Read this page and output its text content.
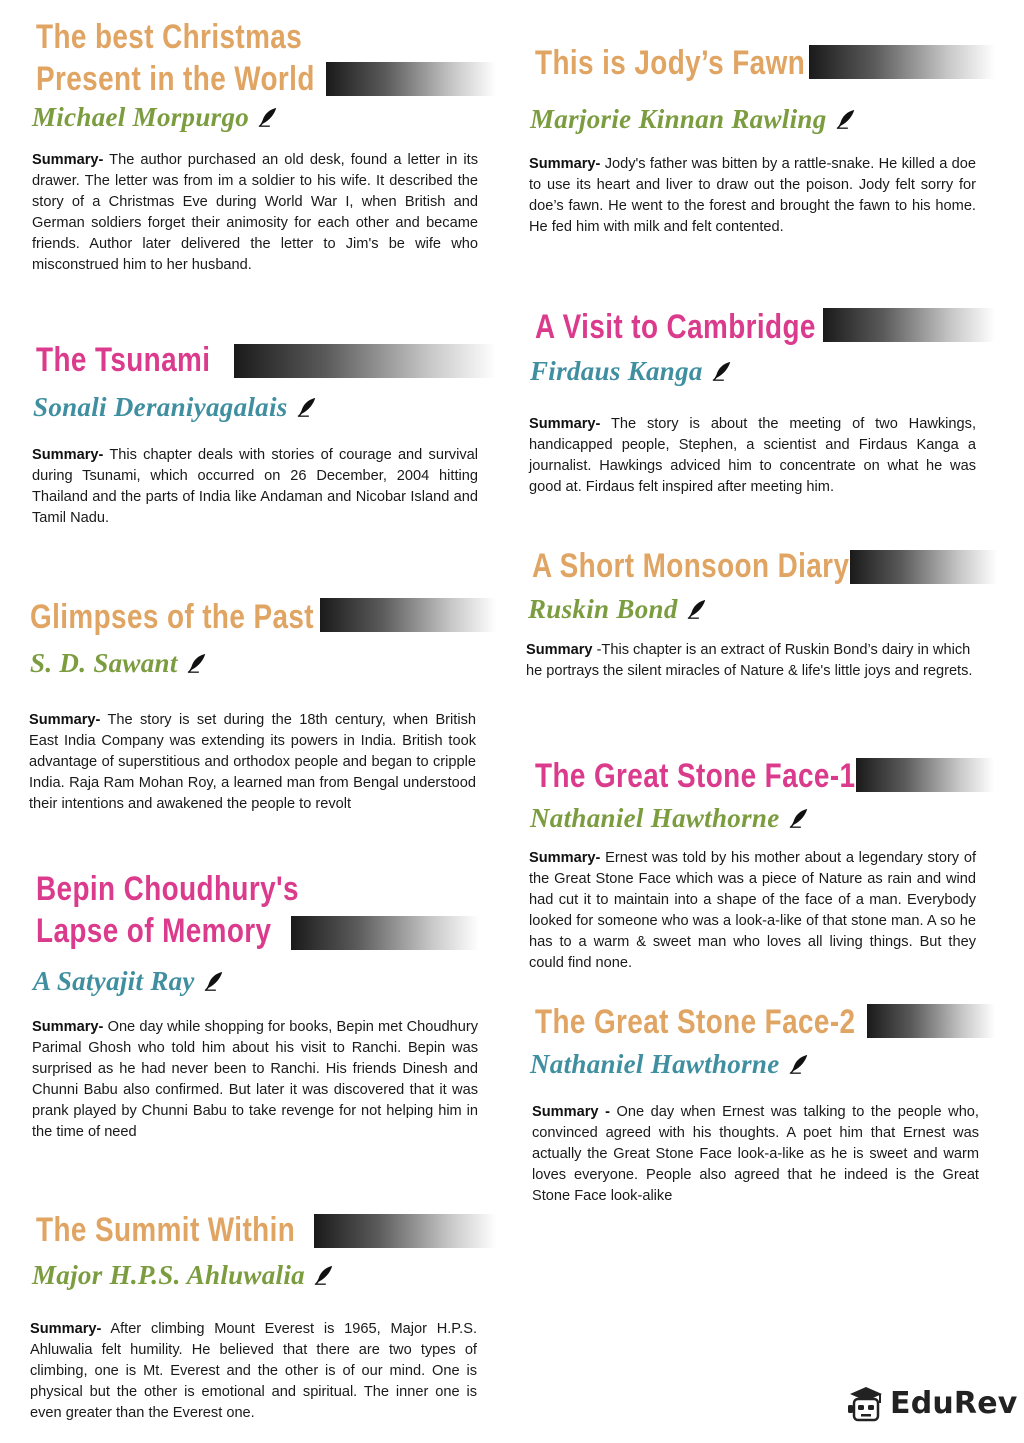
The best Christmas
Present in the World
Michael Morpurgo

Summary- The author purchased an old desk, found a letter in its drawer. The letter was from im a soldier to his wife. It described the story of a Christmas Eve during World War I, when British and German soldiers forget their animosity for each other and became friends. Author later delivered the letter to Jim's be wife who misconstrued him to her husband.

This is Jody’s Fawn
Marjorie Kinnan Rawling

Summary- Jody's father was bitten by a rattle-snake. He killed a doe to use its heart and liver to draw out the poison. Jody felt sorry for doe’s fawn. He went to the forest and brought the fawn to his home. He fed him with milk and felt contented.

A Visit to Cambridge
Firdaus Kanga

Summary- The story is about the meeting of two Hawkings, handicapped people, Stephen, a scientist and Firdaus Kanga a journalist. Hawkings adviced him to concentrate on what he was good at. Firdaus felt inspired after meeting him.

The Tsunami
Sonali Deraniyagalais

Summary- This chapter deals with stories of courage and survival during Tsunami, which occurred on 26 December, 2004 hitting Thailand and the parts of India like Andaman and Nicobar Island and Tamil Nadu.

A Short Monsoon Diary
Ruskin Bond

Summary -This chapter is an extract of Ruskin Bond’s dairy in which he portrays the silent miracles of Nature & life's little joys and regrets.

Glimpses of the Past
S. D. Sawant

Summary- The story is set during the 18th century, when British East India Company was extending its powers in India. British took advantage of superstitious and orthodox people and began to cripple India. Raja Ram Mohan Roy, a learned man from Bengal understood their intentions and awakened the people to revolt

The Great Stone Face-1
Nathaniel Hawthorne

Summary- Ernest was told by his mother about a legendary story of the Great Stone Face which was a piece of Nature as rain and wind had cut it to maintain into a shape of the face of a man. Everybody looked for someone who was a look-a-like of that stone man. A so he has to a warm & sweet man who loves all living things. But they could find none.

Bepin Choudhury's
Lapse of Memory
A Satyajit Ray

Summary- One day while shopping for books, Bepin met Choudhury Parimal Ghosh who told him about his visit to Ranchi. Bepin was surprised as he had never been to Ranchi. His friends Dinesh and Chunni Babu also confirmed. But later it was discovered that it was prank played by Chunni Babu to take revenge for not helping him in the time of need

The Great Stone Face-2
Nathaniel Hawthorne

Summary - One day when Ernest was talking to the people who, convinced agreed with his thoughts. A poet him that Ernest was actually the Great Stone Face look-a-like as he is sweet and warm loves everyone. People also agreed that he indeed is the Great Stone Face look-alike

The Summit Within
Major H.P.S. Ahluwalia

Summary- After climbing Mount Everest is 1965, Major H.P.S. Ahluwalia felt humility. He believed that there are two types of climbing, one is Mt. Everest and the other is of our mind. One is physical but the other is emotional and spiritual. The inner one is even greater than the Everest one.	EduRev
